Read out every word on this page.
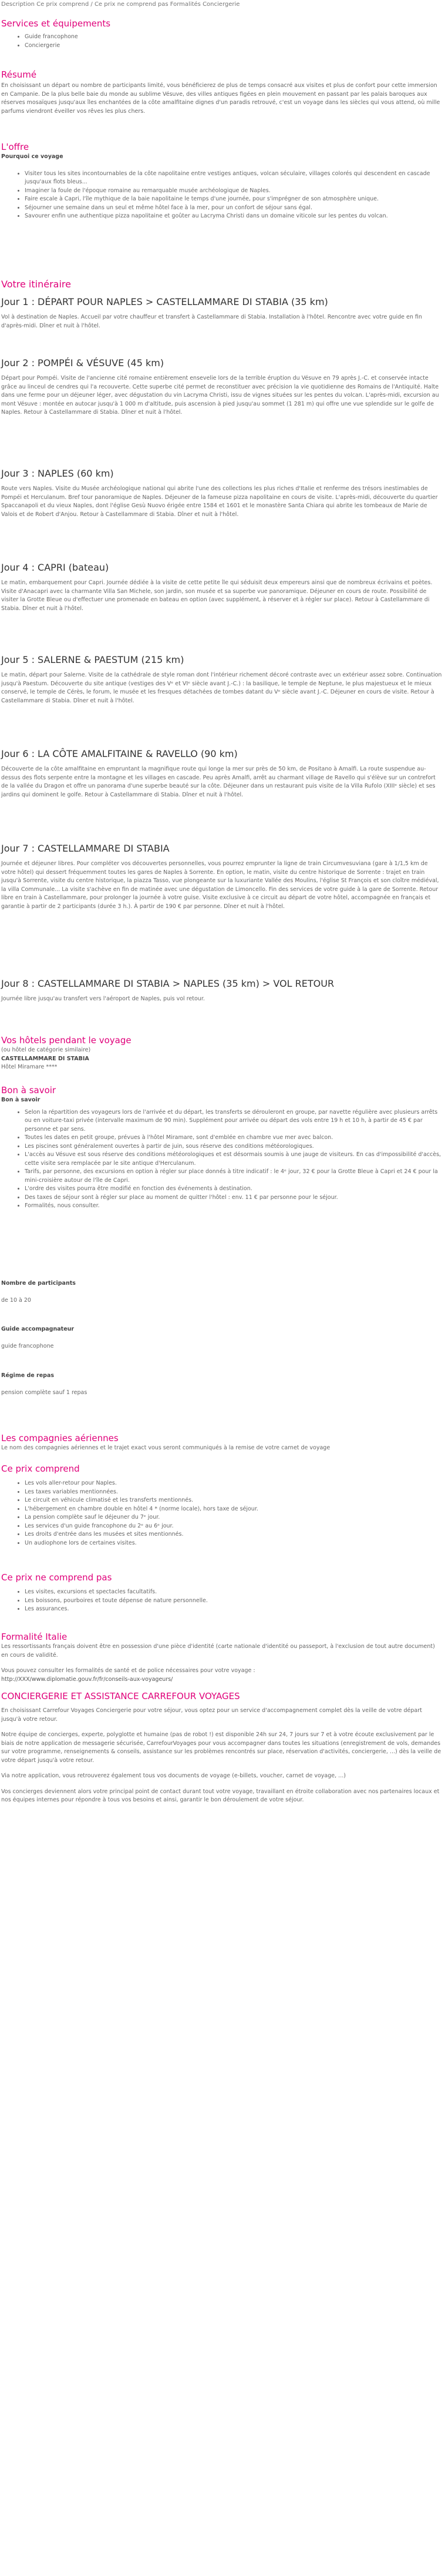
Description Ce prix comprend / Ce prix ne comprend pas Formalités Conciergerie

Services et équipements
• Guide francophone
• Conciergerie
Résumé

En choisissant un départ ou nombre de participants limité, vous bénéficierez de plus de temps consacré aux visites et plus de confort pour cette immersion en Campanie. De la plus belle baie du monde au sublime Vésuve, des villes antiques figées en plein mouvement en passant par les palais baroques aux réserves mosaïques jusqu'aux îles enchantées de la côte amalfitaine dignes d'un paradis retrouvé, c'est un voyage dans les siècles qui vous attend, où mille parfums viendront éveiller vos rêves les plus chers.

L'offre

Pourquoi ce voyage

• Visiter tous les sites incontournables de la côte napolitaine entre vestiges antiques, volcan séculaire, villages colorés qui descendent en cascade jusqu'aux flots bleus...
• Imaginer la foule de l'époque romaine au remarquable musée archéologique de Naples.
• Faire escale à Capri, l'île mythique de la baie napolitaine le temps d'une journée, pour s'imprégner de son atmosphère unique.
• Séjourner une semaine dans un seul et même hôtel face à la mer, pour un confort de séjour sans égal.
• Savourer enfin une authentique pizza napolitaine et goûter au Lacryma Christi dans un domaine viticole sur les pentes du volcan.
Votre itinéraire
Jour 1 : DÉPART POUR NAPLES > CASTELLAMMARE DI STABIA (35 km)

Vol à destination de Naples. Accueil par votre chauffeur et transfert à Castellammare di Stabia. Installation à l'hôtel. Rencontre avec votre guide en fin d'après-midi. Dîner et nuit à l'hôtel.

Jour 2 : POMPÉI & VÉSUVE (45 km)

Départ pour Pompéi. Visite de l'ancienne cité romaine entièrement ensevelie lors de la terrible éruption du Vésuve en 79 après J.-C. et conservée intacte grâce au linceul de cendres qui l'a recouverte. Cette superbe cité permet de reconstituer avec précision la vie quotidienne des Romains de l'Antiquité. Halte dans une ferme pour un déjeuner léger, avec dégustation du vin Lacryma Christi, issu de vignes situées sur les pentes du volcan. L'après-midi, excursion au mont Vésuve : montée en autocar jusqu'à 1 000 m d'altitude, puis ascension à pied jusqu'au sommet (1 281 m) qui offre une vue splendide sur le golfe de Naples. Retour à Castellammare di Stabia. Dîner et nuit à l'hôtel.

Jour 3 : NAPLES (60 km)

Route vers Naples. Visite du Musée archéologique national qui abrite l'une des collections les plus riches d'Italie et renferme des trésors inestimables de Pompéi et Herculanum. Bref tour panoramique de Naples. Déjeuner de la fameuse pizza napolitaine en cours de visite. L'après-midi, découverte du quartier Spaccanapoli et du vieux Naples, dont l'église Gesù Nuovo érigée entre 1584 et 1601 et le monastère Santa Chiara qui abrite les tombeaux de Marie de Valois et de Robert d'Anjou. Retour à Castellammare di Stabia. Dîner et nuit à l'hôtel.

Jour 4 : CAPRI (bateau)

Le matin, embarquement pour Capri. Journée dédiée à la visite de cette petite île qui séduisit deux empereurs ainsi que de nombreux écrivains et poètes. Visite d'Anacapri avec la charmante Villa San Michele, son jardin, son musée et sa superbe vue panoramique. Déjeuner en cours de route. Possibilité de visiter la Grotte Bleue ou d'effectuer une promenade en bateau en option (avec supplément, à réserver et à régler sur place). Retour à Castellammare di Stabia. Dîner et nuit à l'hôtel.

Jour 5 : SALERNE & PAESTUM (215 km)

Le matin, départ pour Salerne. Visite de la cathédrale de style roman dont l'intérieur richement décoré contraste avec un extérieur assez sobre. Continuation jusqu'à Paestum. Découverte du site antique (vestiges des Vᵉ et VIᵉ siècle avant J.-C.) : la basilique, le temple de Neptune, le plus majestueux et le mieux conservé, le temple de Cérès, le forum, le musée et les fresques détachées de tombes datant du Vᵉ siècle avant J.-C. Déjeuner en cours de visite. Retour à Castellammare di Stabia. Dîner et nuit à l'hôtel.

Jour 6 : LA CÔTE AMALFITAINE & RAVELLO (90 km)

Découverte de la côte amalfitaine en empruntant la magnifique route qui longe la mer sur près de 50 km, de Positano à Amalfi. La route suspendue au-dessus des flots serpente entre la montagne et les villages en cascade. Peu après Amalfi, arrêt au charmant village de Ravello qui s'élève sur un contrefort de la vallée du Dragon et offre un panorama d'une superbe beauté sur la côte. Déjeuner dans un restaurant puis visite de la Villa Rufolo (XIIIᵉ siècle) et ses jardins qui dominent le golfe. Retour à Castellammare di Stabia. Dîner et nuit à l'hôtel.

Jour 7 : CASTELLAMMARE DI STABIA

Journée et déjeuner libres. Pour compléter vos découvertes personnelles, vous pourrez emprunter la ligne de train Circumvesuviana (gare à 1/1,5 km de votre hôtel) qui dessert fréquemment toutes les gares de Naples à Sorrente. En option, le matin, visite du centre historique de Sorrente : trajet en train jusqu'à Sorrente, visite du centre historique, la piazza Tasso, vue plongeante sur la luxuriante Vallée des Moulins, l'église St François et son cloître médiéval, la villa Communale... La visite s'achève en fin de matinée avec une dégustation de Limoncello. Fin des services de votre guide à la gare de Sorrente. Retour libre en train à Castellammare, pour prolonger la journée à votre guise. Visite exclusive à ce circuit au départ de votre hôtel, accompagnée en français et garantie à partir de 2 participants (durée 3 h.). À partir de 190 € par personne. Dîner et nuit à l'hôtel.

Jour 8 : CASTELLAMMARE DI STABIA > NAPLES (35 km) > VOL RETOUR

Journée libre jusqu'au transfert vers l'aéroport de Naples, puis vol retour.

Vos hôtels pendant le voyage

(ou hôtel de catégorie similaire)

CASTELLAMMARE DI STABIA

Hôtel Miramare ****

Bon à savoir

Bon à savoir

• Selon la répartition des voyageurs lors de l'arrivée et du départ, les transferts se dérouleront en groupe, par navette régulière avec plusieurs arrêts ou en voiture-taxi privée (intervalle maximum de 90 min). Supplément pour arrivée ou départ des vols entre 19 h et 10 h, à partir de 45 € par personne et par sens.
• Toutes les dates en petit groupe, prévues à l'hôtel Miramare, sont d'emblée en chambre vue mer avec balcon.
• Les piscines sont généralement ouvertes à partir de juin, sous réserve des conditions météorologiques.
• L'accès au Vésuve est sous réserve des conditions météorologiques et est désormais soumis à une jauge de visiteurs. En cas d'impossibilité d'accès, cette visite sera remplacée par le site antique d'Herculanum.
• Tarifs, par personne, des excursions en option à régler sur place donnés à titre indicatif : le 4ᵉ jour, 32 € pour la Grotte Bleue à Capri et 24 € pour la mini-croisière autour de l'île de Capri.
• L'ordre des visites pourra être modifié en fonction des événements à destination.
• Des taxes de séjour sont à régler sur place au moment de quitter l'hôtel : env. 11 € par personne pour le séjour.
• Formalités, nous consulter.

Nombre de participants

de 10 à 20

Guide accompagnateur

guide francophone

Régime de repas

pension complète sauf 1 repas

Les compagnies aériennes

Le nom des compagnies aériennes et le trajet exact vous seront communiqués à la remise de votre carnet de voyage

Ce prix comprend
• Les vols aller-retour pour Naples.
• Les taxes variables mentionnées.
• Le circuit en véhicule climatisé et les transferts mentionnés.
• L'hébergement en chambre double en hôtel 4 * (norme locale), hors taxe de séjour.
• La pension complète sauf le déjeuner du 7ᵉ jour.
• Les services d'un guide francophone du 2ᵉ au 6ᵉ jour.
• Les droits d'entrée dans les musées et sites mentionnés.
• Un audiophone lors de certaines visites.
Ce prix ne comprend pas
• Les visites, excursions et spectacles facultatifs.
• Les boissons, pourboires et toute dépense de nature personnelle.
• Les assurances.
Formalité Italie

Les ressortissants français doivent être en possession d'une pièce d'identité (carte nationale d'identité ou passeport, à l'exclusion de tout autre document) en cours de validité.

Vous pouvez consulter les formalités de santé et de police nécessaires pour votre voyage :

http://XXX/www.diplomatie.gouv.fr/fr/conseils-aux-voyageurs/

CONCIERGERIE ET ASSISTANCE CARREFOUR VOYAGES

En choisissant Carrefour Voyages Conciergerie pour votre séjour, vous optez pour un service d'accompagnement complet dès la veille de votre départ jusqu'à votre retour.

Notre équipe de concierges, experte, polyglotte et humaine (pas de robot !) est disponible 24h sur 24, 7 jours sur 7 et à votre écoute exclusivement par le biais de notre application de messagerie sécurisée, CarrefourVoyages pour vous accompagner dans toutes les situations (enregistrement de vols, demandes sur votre programme, renseignements & conseils, assistance sur les problèmes rencontrés sur place, réservation d'activités, conciergerie, ...) dès la veille de votre départ jusqu'à votre retour.

Via notre application, vous retrouverez également tous vos documents de voyage (e-billets, voucher, carnet de voyage, ...)

Vos concierges deviennent alors votre principal point de contact durant tout votre voyage, travaillant en étroite collaboration avec nos partenaires locaux et nos équipes internes pour répondre à tous vos besoins et ainsi, garantir le bon déroulement de votre séjour.
